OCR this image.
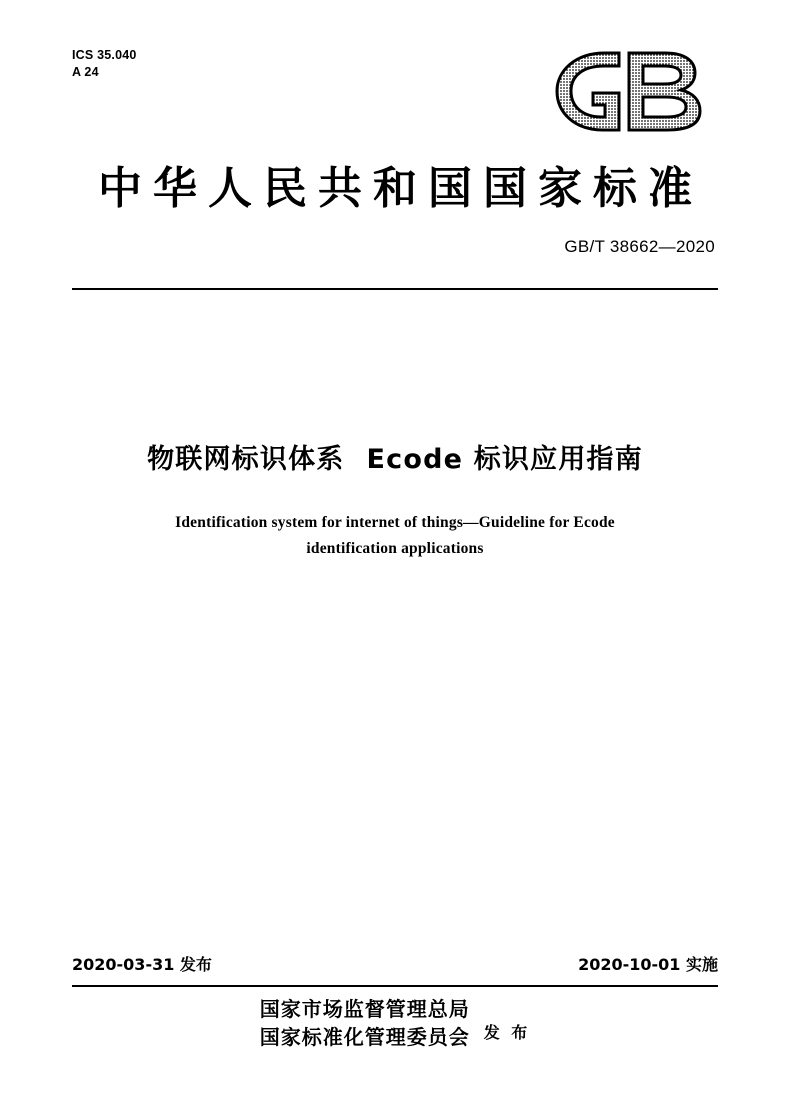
ICS 35.040
A 24
中华人民共和国国家标准
GB/T 38662—2020
物联网标识体系 Ecode 标识应用指南
Identification system for internet of things—Guideline for Ecode
identification applications
2020-03-31 发布	2020-10-01 实施
国家市场监督管理总局
国家标准化管理委员会 发 布
